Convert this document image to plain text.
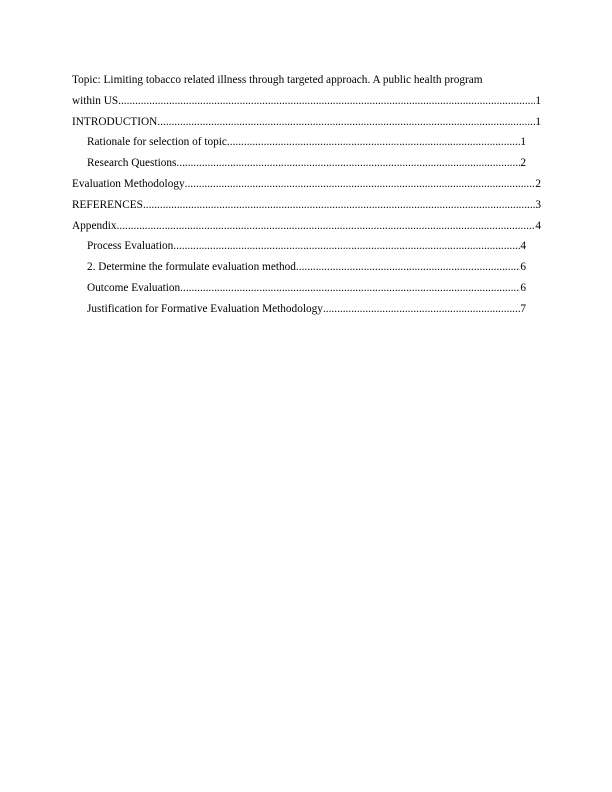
Topic: Limiting tobacco related illness through targeted approach. A public health program

within US .....	1
INTRODUCTION .....	1
Rationale for selection of topic .....	1
Research Questions .....	2
Evaluation Methodology .....	2
REFERENCES .....	3
Appendix .....	4
Process Evaluation .....	4
2. Determine the formulate evaluation method .....	6
Outcome Evaluation .....	6
Justification for Formative Evaluation Methodology .....	7
